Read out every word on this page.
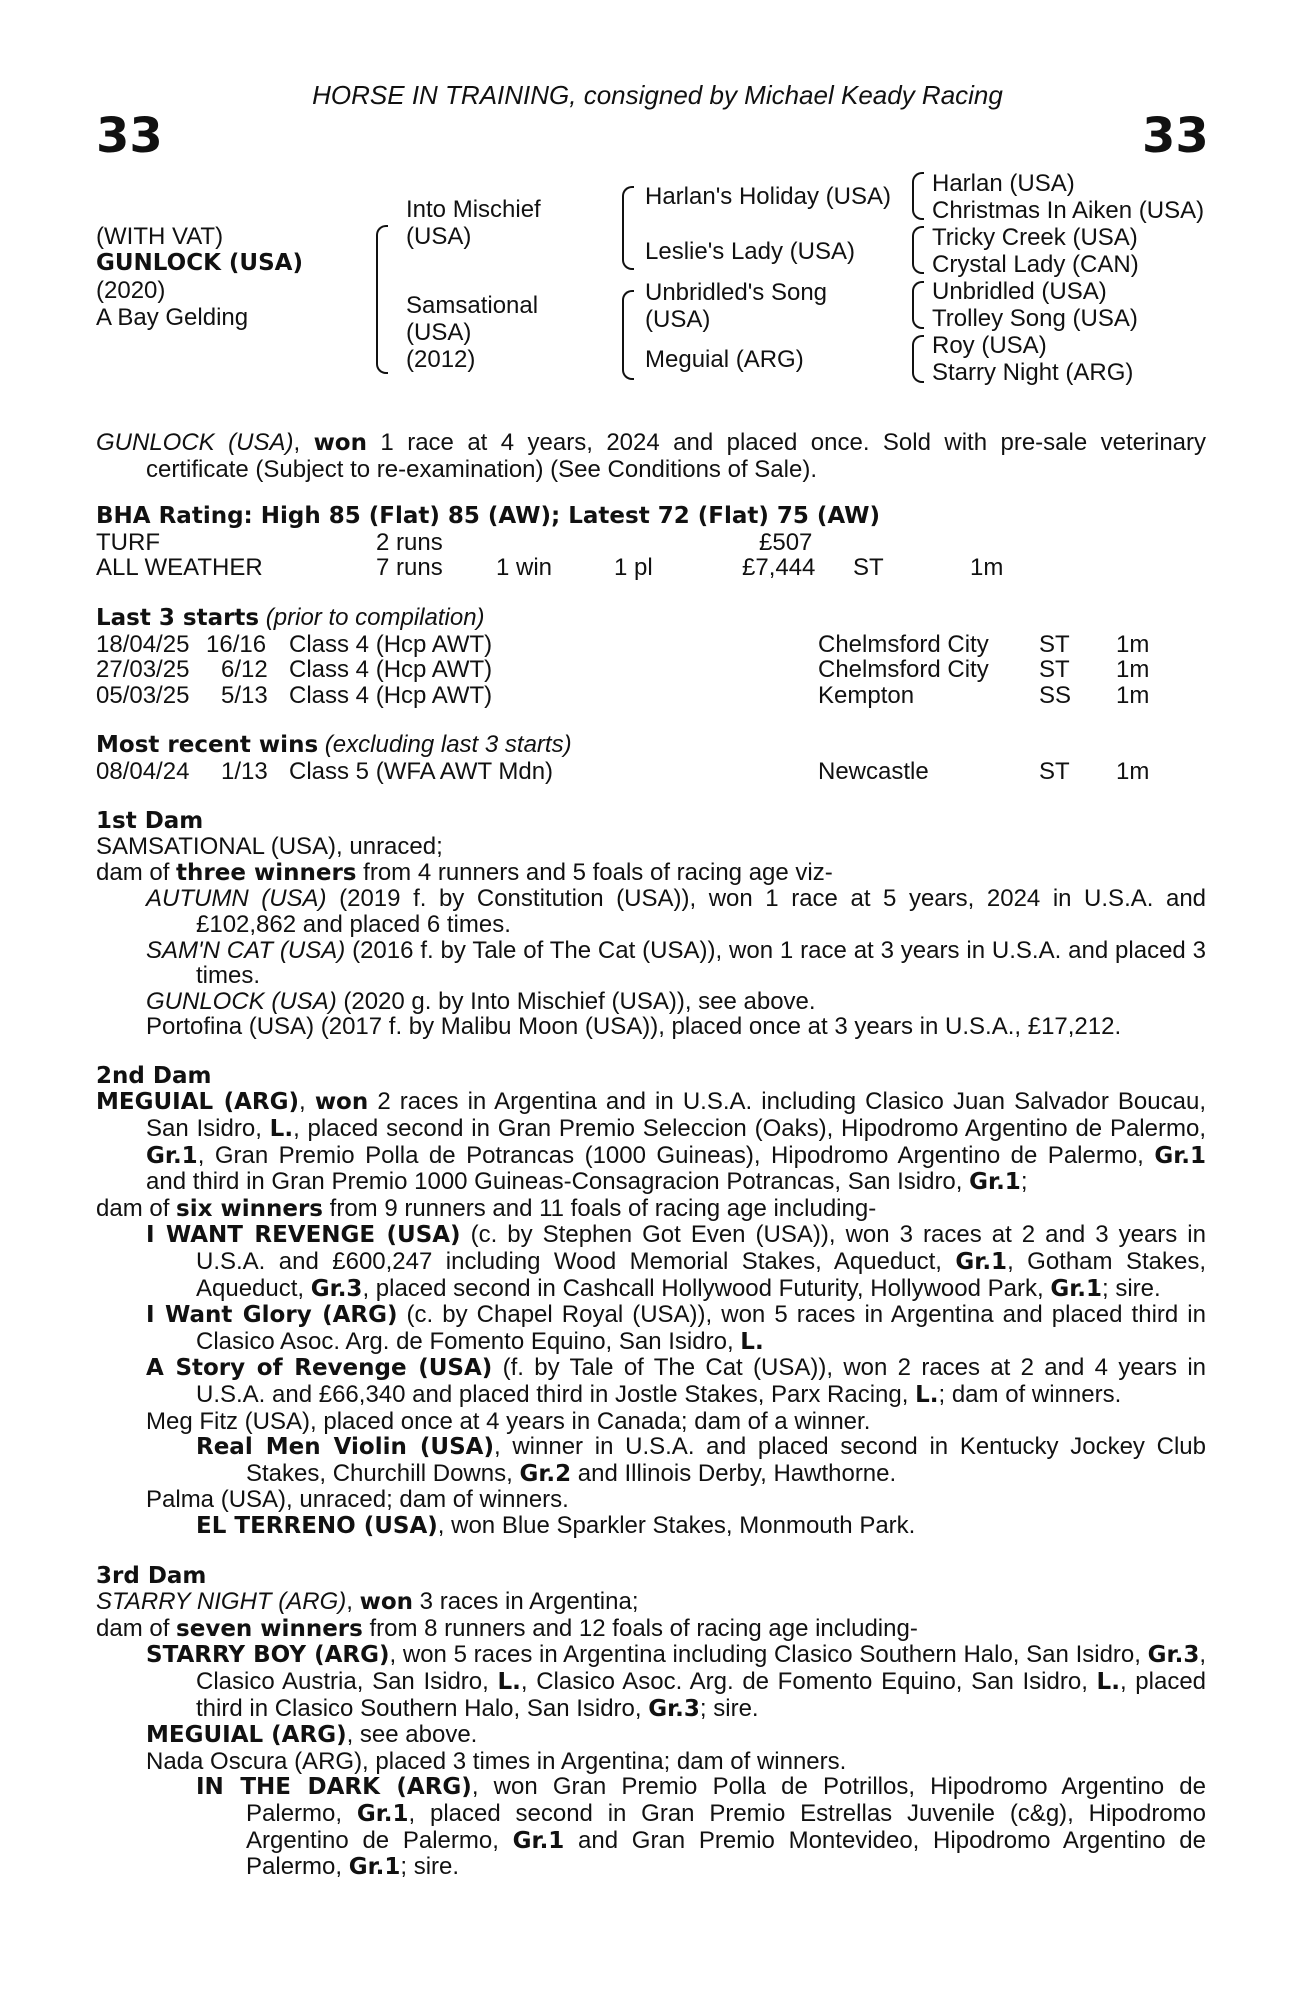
HORSE IN TRAINING, consigned by Michael Keady Racing
33	33
(WITH VAT)
GUNLOCK (USA)
(2020)
A Bay Gelding
Into Mischief
(USA)
Samsational
(USA)
(2012)
Harlan's Holiday (USA)
Leslie's Lady (USA)
Unbridled's Song
(USA)
Meguial (ARG)
Harlan (USA)
Christmas In Aiken (USA)
Tricky Creek (USA)
Crystal Lady (CAN)
Unbridled (USA)
Trolley Song (USA)
Roy (USA)
Starry Night (ARG)

GUNLOCK (USA), won 1 race at 4 years, 2024 and placed once. Sold with pre-sale veterinary certificate (Subject to re-examination) (See Conditions of Sale).

BHA Rating: High 85 (Flat) 85 (AW); Latest 72 (Flat) 75 (AW)
TURF	2 runs	£507
ALL WEATHER	7 runs 1 win	1 pl	£7,444 ST	1m
Last 3 starts (prior to compilation)
18/04/25 16/16 Class 4 (Hcp AWT)	Chelmsford City ST 1m
27/03/25 6/12 Class 4 (Hcp AWT)	Chelmsford City ST 1m
05/03/25 5/13 Class 4 (Hcp AWT)	Kempton	SS 1m
Most recent wins (excluding last 3 starts)
08/04/24 1/13 Class 5 (WFA AWT Mdn)	Newcastle	ST 1m
1st Dam
SAMSATIONAL (USA), unraced;
dam of three winners from 4 runners and 5 foals of racing age viz-

AUTUMN (USA) (2019 f. by Constitution (USA)), won 1 race at 5 years, 2024 in U.S.A. and £102,862 and placed 6 times.

SAM'N CAT (USA) (2016 f. by Tale of The Cat (USA)), won 1 race at 3 years in U.S.A. and placed 3 times.

GUNLOCK (USA) (2020 g. by Into Mischief (USA)), see above.

Portofina (USA) (2017 f. by Malibu Moon (USA)), placed once at 3 years in U.S.A., £17,212.

2nd Dam

MEGUIAL (ARG), won 2 races in Argentina and in U.S.A. including Clasico Juan Salvador Boucau, San Isidro, L., placed second in Gran Premio Seleccion (Oaks), Hipodromo Argentino de Palermo, Gr.1, Gran Premio Polla de Potrancas (1000 Guineas), Hipodromo Argentino de Palermo, Gr.1 and third in Gran Premio 1000 Guineas-Consagracion Potrancas, San Isidro, Gr.1;

dam of six winners from 9 runners and 11 foals of racing age including-

I WANT REVENGE (USA) (c. by Stephen Got Even (USA)), won 3 races at 2 and 3 years in U.S.A. and £600,247 including Wood Memorial Stakes, Aqueduct, Gr.1, Gotham Stakes, Aqueduct, Gr.3, placed second in Cashcall Hollywood Futurity, Hollywood Park, Gr.1; sire.

I Want Glory (ARG) (c. by Chapel Royal (USA)), won 5 races in Argentina and placed third in Clasico Asoc. Arg. de Fomento Equino, San Isidro, L.

A Story of Revenge (USA) (f. by Tale of The Cat (USA)), won 2 races at 2 and 4 years in U.S.A. and £66,340 and placed third in Jostle Stakes, Parx Racing, L.; dam of winners.

Meg Fitz (USA), placed once at 4 years in Canada; dam of a winner.

Real Men Violin (USA), winner in U.S.A. and placed second in Kentucky Jockey Club Stakes, Churchill Downs, Gr.2 and Illinois Derby, Hawthorne.

Palma (USA), unraced; dam of winners.

EL TERRENO (USA), won Blue Sparkler Stakes, Monmouth Park.

3rd Dam
STARRY NIGHT (ARG), won 3 races in Argentina;
dam of seven winners from 8 runners and 12 foals of racing age including-

STARRY BOY (ARG), won 5 races in Argentina including Clasico Southern Halo, San Isidro, Gr.3, Clasico Austria, San Isidro, L., Clasico Asoc. Arg. de Fomento Equino, San Isidro, L., placed third in Clasico Southern Halo, San Isidro, Gr.3; sire.

MEGUIAL (ARG), see above.

Nada Oscura (ARG), placed 3 times in Argentina; dam of winners.

IN THE DARK (ARG), won Gran Premio Polla de Potrillos, Hipodromo Argentino de Palermo, Gr.1, placed second in Gran Premio Estrellas Juvenile (c&g), Hipodromo Argentino de Palermo, Gr.1 and Gran Premio Montevideo, Hipodromo Argentino de Palermo, Gr.1; sire.
